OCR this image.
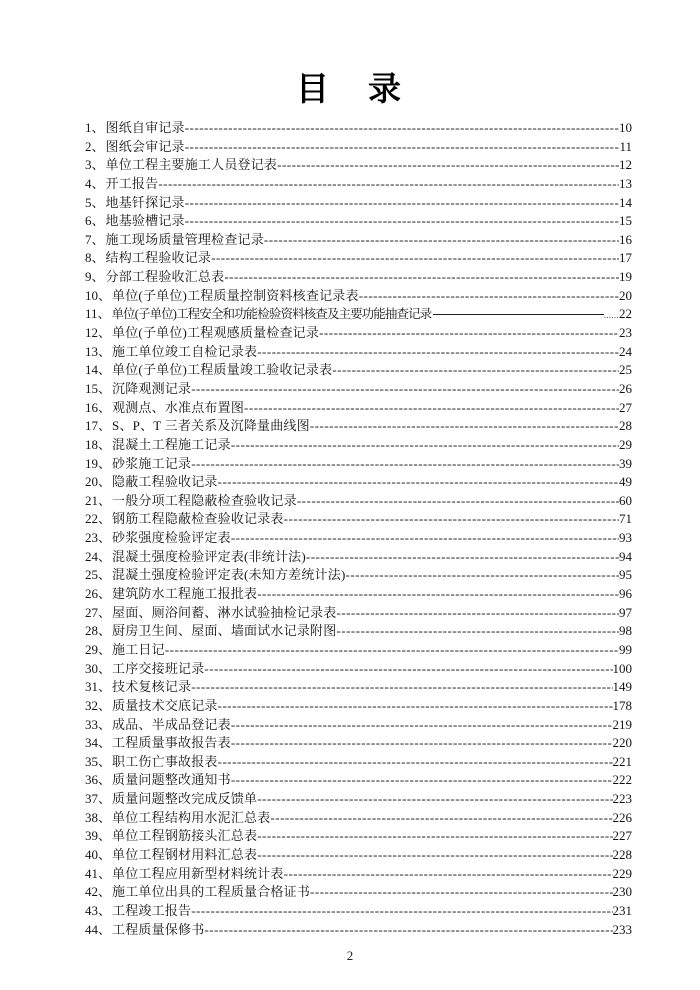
目　录
1 、 图纸自审记录 -----	10
2 、 图纸会审记录 -----	11
3 、 单位工程主要施工人员登记表 -----	12
4 、 开工报告 -----	13
5 、 地基钎探记录 -----	14
6 、 地基验槽记录 -----	15
7 、 施工现场质量管理检查记录 -----	16
8 、 结构工程验收记录 -----	17
9 、 分部工程验收汇总表 -----	19
10 、 单位(子单位)工程质量控制资料核查记录表 -----	20
11 、 单位(子单位)工程安全和功能检验资料核查及主要功能抽查记录 ......	22
12 、 单位(子单位)工程观感质量检查记录 -----	23
13 、 施工单位竣工自检记录表 -----	24
14 、 单位(子单位)工程质量竣工验收记录表 -----	25
15 、 沉降观测记录 -----	26
16 、 观测点、水准点布置图 -----	27
17 、 S、P、T 三者关系及沉降量曲线图 -----	28
18 、 混凝土工程施工记录 -----	29
19 、 砂浆施工记录 -----	39
20 、 隐蔽工程验收记录 -----	49
21 、 一般分项工程隐蔽检查验收记录 -----	60
22 、 钢筋工程隐蔽检查验收记录表 -----	71
23 、 砂浆强度检验评定表 -----	93
24 、 混凝土强度检验评定表(非统计法) -----	94
25 、 混凝土强度检验评定表(未知方差统计法) -----	95
26 、 建筑防水工程施工报批表 -----	96
27 、 屋面、厕浴间蓄、淋水试验抽检记录表 -----	97
28 、 厨房卫生间、屋面、墙面试水记录附图 -----	98
29 、 施工日记 -----	99
30 、 工序交接班记录 -----	100
31 、 技术复核记录 -----	149
32 、 质量技术交底记录 -----	178
33 、 成品、半成品登记表 -----	219
34 、 工程质量事故报告表 -----	220
35 、 职工伤亡事故报表 -----	221
36 、 质量问题整改通知书 -----	222
37 、 质量问题整改完成反馈单 -----	223
38 、 单位工程结构用水泥汇总表 -----	226
39 、 单位工程钢筋接头汇总表 -----	227
40 、 单位工程钢材用料汇总表 -----	228
41 、 单位工程应用新型材料统计表 -----	229
42 、 施工单位出具的工程质量合格证书 -----	230
43 、 工程竣工报告 -----	231
44 、 工程质量保修书 -----	233
2
